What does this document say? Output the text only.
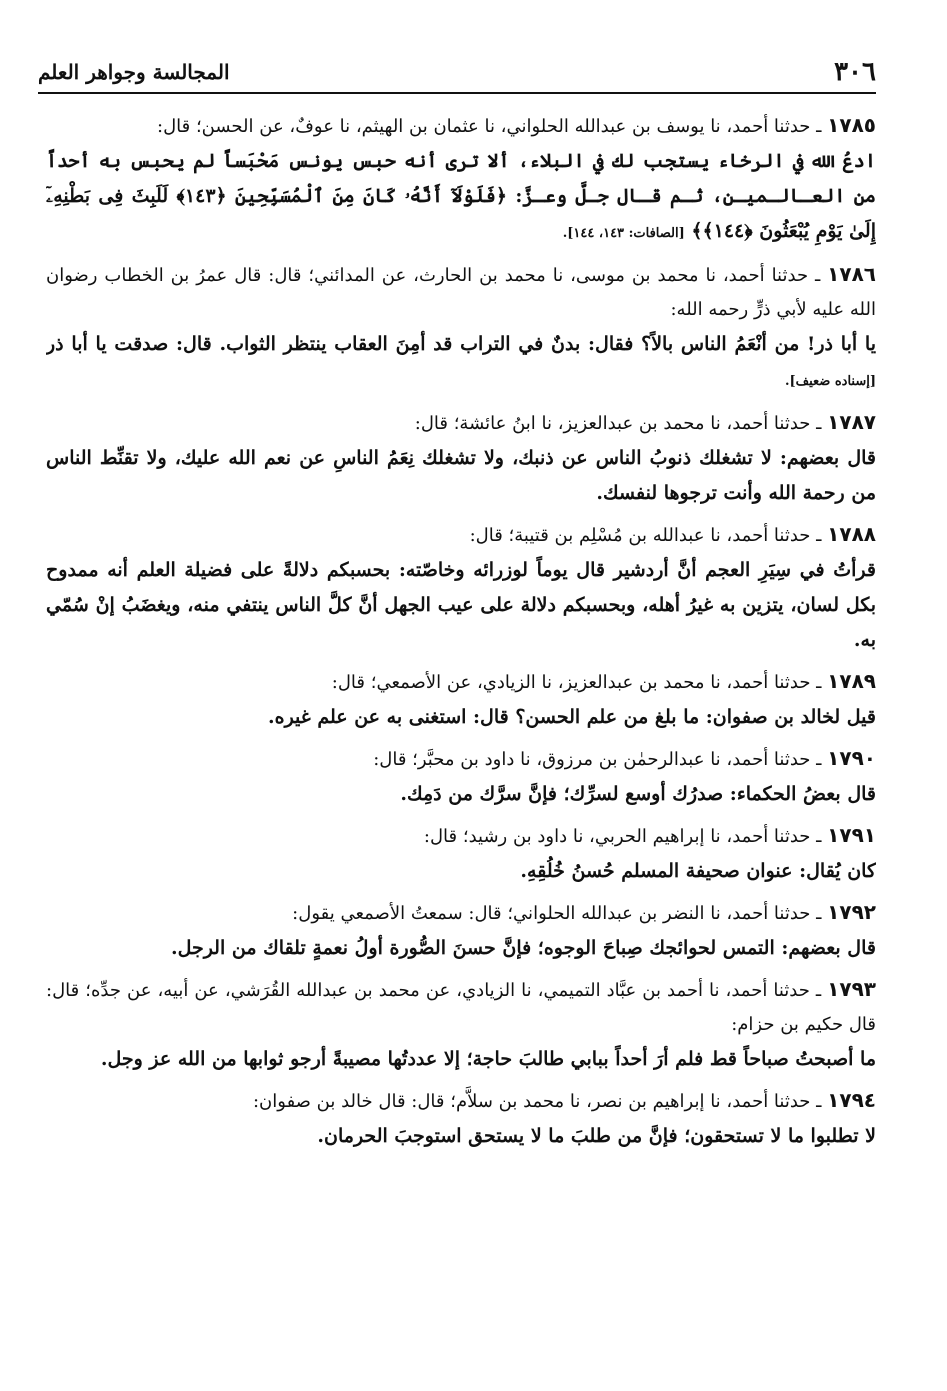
٣٠٦
المجالسة وجواهر العلم

١٧٨٥ ـ حدثنا أحمد، نا يوسف بن عبدالله الحلواني، نا عثمان بن الهيثم، نا عوفٌ، عن الحسن؛ قال:

ادعُ الله في الرخاء يستجب لك في البلاء، ألا ترى أنه حبس يونس مَحْبَساً لم يحبس به أحداً من العـالـميـن، ثـم قـال جـلَّ وعـزَّ: ﴿فَلَوْلَآ أَنَّهُۥ كَانَ مِنَ ٱلْمُسَبِّحِينَ ﴿١٤٣﴾ لَلَبِثَ فِى بَطْنِهِۦٓ إِلَىٰ يَوْمِ يُبْعَثُونَ ﴿١٤٤﴾﴾ [الصافات: ١٤٣، ١٤٤].

١٧٨٦ ـ حدثنا أحمد، نا محمد بن موسى، نا محمد بن الحارث، عن المدائني؛ قال: قال عمرُ بن الخطاب رضوان الله عليه لأبي ذرٍّ رحمه الله:

يا أبا ذر! من أنْعَمُ الناس بالاً؟ فقال: بدنٌ في التراب قد أمِنَ العقاب ينتظر الثواب. قال: صدقت يا أبا ذر [إسناده ضعيف].

١٧٨٧ ـ حدثنا أحمد، نا محمد بن عبدالعزيز، نا ابنُ عائشة؛ قال:

قال بعضهم: لا تشغلك ذنوبُ الناس عن ذنبك، ولا تشغلك نِعَمُ الناسِ عن نعم الله عليك، ولا تقنِّط الناس من رحمة الله وأنت ترجوها لنفسك.

١٧٨٨ ـ حدثنا أحمد، نا عبدالله بن مُسْلِم بن قتيبة؛ قال:

قرأتُ في سِيَرِ العجم أنَّ أردشير قال يوماً لوزرائه وخاصّته: بحسبكم دلالةً على فضيلة العلم أنه ممدوح بكل لسان، يتزين به غيرُ أهله، وبحسبكم دلالة على عيب الجهل أنَّ كلَّ الناس ينتفي منه، ويغضَبُ إنْ سُمّي به.

١٧٨٩ ـ حدثنا أحمد، نا محمد بن عبدالعزيز، نا الزيادي، عن الأصمعي؛ قال:

قيل لخالد بن صفوان: ما بلغ من علم الحسن؟ قال: استغنى به عن علم غيره.

١٧٩٠ ـ حدثنا أحمد، نا عبدالرحمٰن بن مرزوق، نا داود بن محبَّر؛ قال:

قال بعضُ الحكماء: صدرُك أوسع لسرِّك؛ فإنَّ سرَّك من دَمِك.

١٧٩١ ـ حدثنا أحمد، نا إبراهيم الحربي، نا داود بن رشيد؛ قال:

كان يُقال: عنوان صحيفة المسلم حُسنُ خُلُقِهِ.

١٧٩٢ ـ حدثنا أحمد، نا النضر بن عبدالله الحلواني؛ قال: سمعتُ الأصمعي يقول:

قال بعضهم: التمس لحوائجك صِباحَ الوجوه؛ فإنَّ حسنَ الصُّورة أولُ نعمةٍ تلقاك من الرجل.

١٧٩٣ ـ حدثنا أحمد، نا أحمد بن عبَّاد التميمي، نا الزيادي، عن محمد بن عبدالله القُرَشي، عن أبيه، عن جدِّه؛ قال: قال حكيم بن حزام:

ما أصبحتُ صباحاً قط فلم أرَ أحداً ببابي طالبَ حاجة؛ إلا عددتُها مصيبةً أرجو ثوابها من الله عز وجل.

١٧٩٤ ـ حدثنا أحمد، نا إبراهيم بن نصر، نا محمد بن سلاَّم؛ قال: قال خالد بن صفوان:

لا تطلبوا ما لا تستحقون؛ فإنَّ من طلبَ ما لا يستحق استوجبَ الحرمان.
